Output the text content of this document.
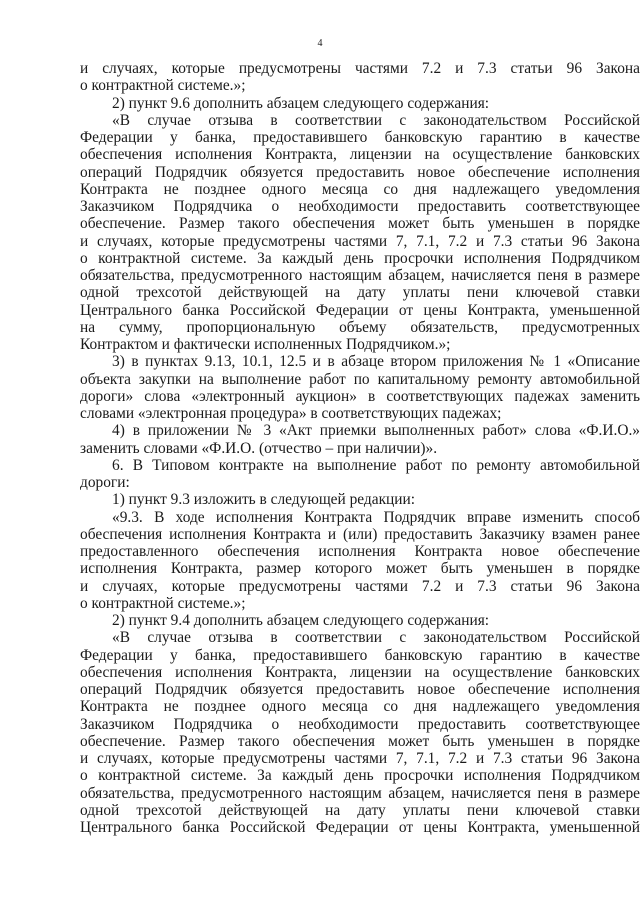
4
и случаях, которые предусмотрены частями 7.2 и 7.3 статьи 96 Закона
о контрактной системе.»;
2) пункт 9.6 дополнить абзацем следующего содержания:
«В случае отзыва в соответствии с законодательством Российской
Федерации у банка, предоставившего банковскую гарантию в качестве
обеспечения исполнения Контракта, лицензии на осуществление банковских
операций Подрядчик обязуется предоставить новое обеспечение исполнения
Контракта не позднее одного месяца со дня надлежащего уведомления
Заказчиком Подрядчика о необходимости предоставить соответствующее
обеспечение. Размер такого обеспечения может быть уменьшен в порядке
и случаях, которые предусмотрены частями 7, 7.1, 7.2 и 7.3 статьи 96 Закона
о контрактной системе. За каждый день просрочки исполнения Подрядчиком
обязательства, предусмотренного настоящим абзацем, начисляется пеня в размере
одной трехсотой действующей на дату уплаты пени ключевой ставки
Центрального банка Российской Федерации от цены Контракта, уменьшенной
на сумму, пропорциональную объему обязательств, предусмотренных
Контрактом и фактически исполненных Подрядчиком.»;
3) в пунктах 9.13, 10.1, 12.5 и в абзаце втором приложения № 1 «Описание
объекта закупки на выполнение работ по капитальному ремонту автомобильной
дороги» слова «электронный аукцион» в соответствующих падежах заменить
словами «электронная процедура» в соответствующих падежах;
4) в приложении № 3 «Акт приемки выполненных работ» слова «Ф.И.О.»
заменить словами «Ф.И.О. (отчество – при наличии)».
6. В Типовом контракте на выполнение работ по ремонту автомобильной
дороги:
1) пункт 9.3 изложить в следующей редакции:
«9.3. В ходе исполнения Контракта Подрядчик вправе изменить способ
обеспечения исполнения Контракта и (или) предоставить Заказчику взамен ранее
предоставленного обеспечения исполнения Контракта новое обеспечение
исполнения Контракта, размер которого может быть уменьшен в порядке
и случаях, которые предусмотрены частями 7.2 и 7.3 статьи 96 Закона
о контрактной системе.»;
2) пункт 9.4 дополнить абзацем следующего содержания:
«В случае отзыва в соответствии с законодательством Российской
Федерации у банка, предоставившего банковскую гарантию в качестве
обеспечения исполнения Контракта, лицензии на осуществление банковских
операций Подрядчик обязуется предоставить новое обеспечение исполнения
Контракта не позднее одного месяца со дня надлежащего уведомления
Заказчиком Подрядчика о необходимости предоставить соответствующее
обеспечение. Размер такого обеспечения может быть уменьшен в порядке
и случаях, которые предусмотрены частями 7, 7.1, 7.2 и 7.3 статьи 96 Закона
о контрактной системе. За каждый день просрочки исполнения Подрядчиком
обязательства, предусмотренного настоящим абзацем, начисляется пеня в размере
одной трехсотой действующей на дату уплаты пени ключевой ставки
Центрального банка Российской Федерации от цены Контракта, уменьшенной
